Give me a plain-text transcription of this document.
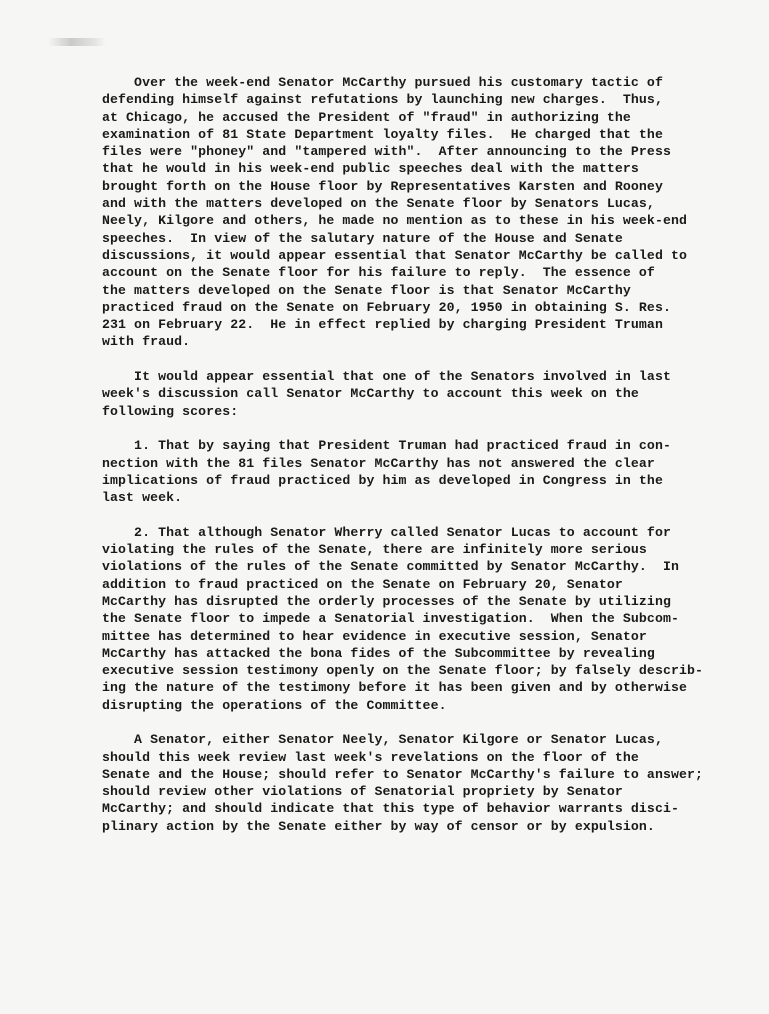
Over the week-end Senator McCarthy pursued his customary tactic of
defending himself against refutations by launching new charges.  Thus,
at Chicago, he accused the President of "fraud" in authorizing the
examination of 81 State Department loyalty files.  He charged that the
files were "phoney" and "tampered with".  After announcing to the Press
that he would in his week-end public speeches deal with the matters
brought forth on the House floor by Representatives Karsten and Rooney
and with the matters developed on the Senate floor by Senators Lucas,
Neely, Kilgore and others, he made no mention as to these in his week-end
speeches.  In view of the salutary nature of the House and Senate
discussions, it would appear essential that Senator McCarthy be called to
account on the Senate floor for his failure to reply.  The essence of
the matters developed on the Senate floor is that Senator McCarthy
practiced fraud on the Senate on February 20, 1950 in obtaining S. Res.
231 on February 22.  He in effect replied by charging President Truman
with fraud.
It would appear essential that one of the Senators involved in last
week's discussion call Senator McCarthy to account this week on the
following scores:
1. That by saying that President Truman had practiced fraud in con-
nection with the 81 files Senator McCarthy has not answered the clear
implications of fraud practiced by him as developed in Congress in the
last week.
2. That although Senator Wherry called Senator Lucas to account for
violating the rules of the Senate, there are infinitely more serious
violations of the rules of the Senate committed by Senator McCarthy.  In
addition to fraud practiced on the Senate on February 20, Senator
McCarthy has disrupted the orderly processes of the Senate by utilizing
the Senate floor to impede a Senatorial investigation.  When the Subcom-
mittee has determined to hear evidence in executive session, Senator
McCarthy has attacked the bona fides of the Subcommittee by revealing
executive session testimony openly on the Senate floor; by falsely describ-
ing the nature of the testimony before it has been given and by otherwise
disrupting the operations of the Committee.
A Senator, either Senator Neely, Senator Kilgore or Senator Lucas,
should this week review last week's revelations on the floor of the
Senate and the House; should refer to Senator McCarthy's failure to answer;
should review other violations of Senatorial propriety by Senator
McCarthy; and should indicate that this type of behavior warrants disci-
plinary action by the Senate either by way of censor or by expulsion.
